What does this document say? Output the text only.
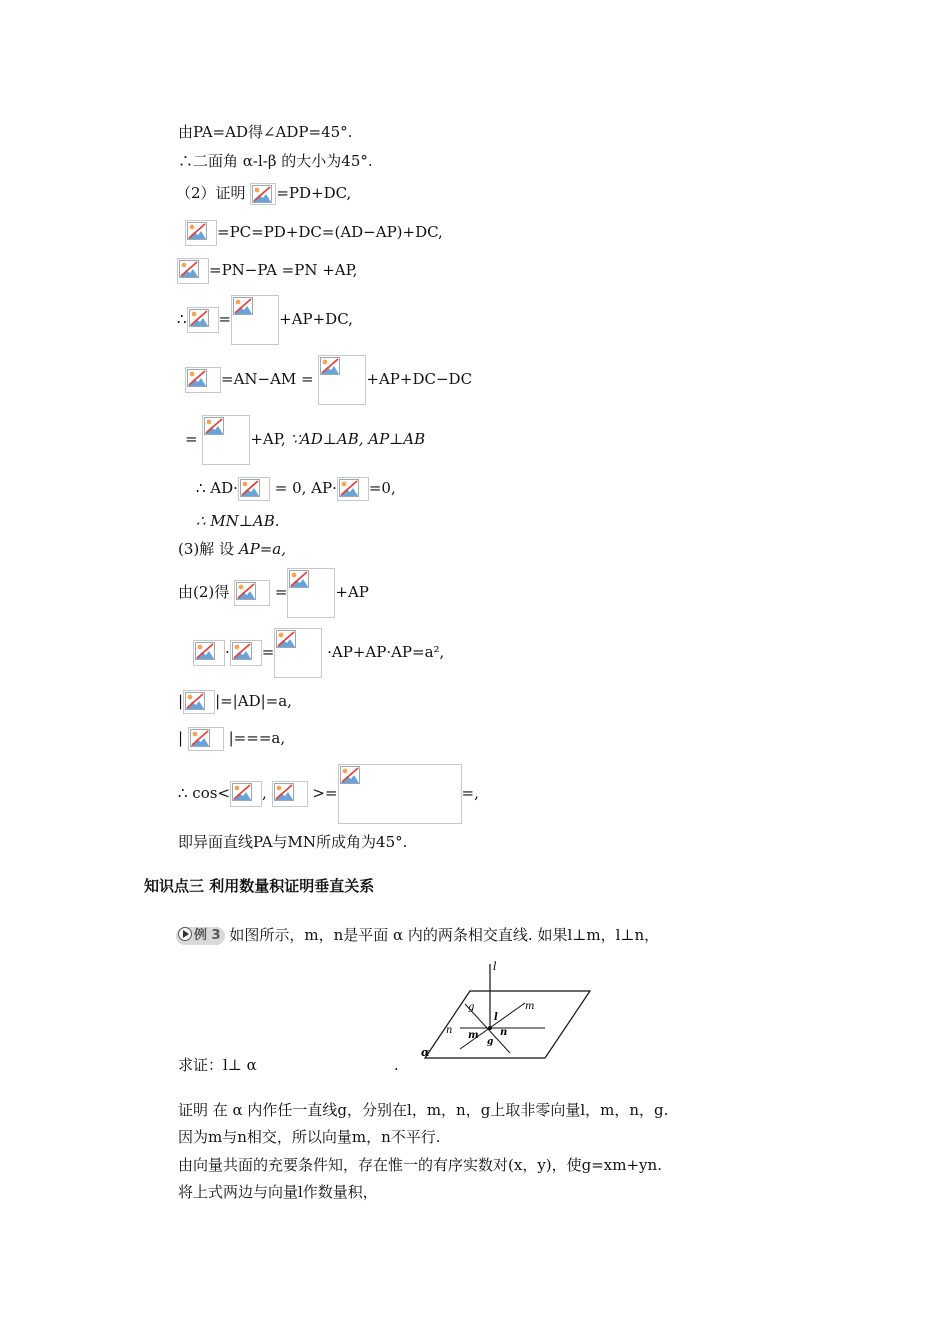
由PA=AD得∠ADP=45°.
∴二面角 α-l-β 的大小为45°.
（2）证明 =PD+DC,
=PC=PD+DC=(AD−AP)+DC,
=PN−PA =PN +AP,
∴ =	+AP+DC,
=AN−AM =	+AP+DC−DC
=	+AP, ∵AD⊥AB, AP⊥AB
∴ AD· = 0, AP· =0,
∴ MN⊥AB.
(3)解 设 AP=a,
由(2)得	=	+AP
· =	·AP+AP·AP=a²,
| |=|AD|=a,
|	|===a,
∴ cos< ,	>=	=,
即异面直线PA与MN所成角为45°.
知识点三 利用数量积证明垂直关系
例 3 如图所示，m，n是平面 α 内的两条相交直线. 如果l⊥m，l⊥n，
l
g	m
n
l
m n
g
α
求证：l⊥ α	.
证明 在 α 内作任一直线g，分别在l，m，n，g上取非零向量l，m，n，g.
因为m与n相交，所以向量m，n不平行.
由向量共面的充要条件知，存在惟一的有序实数对(x，y)，使g=xm+yn.
将上式两边与向量l作数量积，
